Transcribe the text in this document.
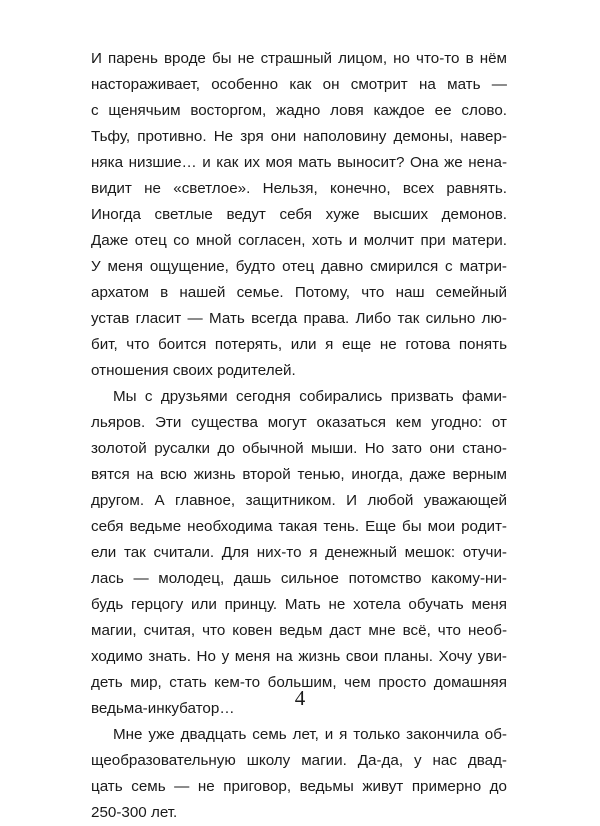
И парень вроде бы не страшный лицом, но что-то в нём
настораживает, особенно как он смотрит на мать —
с щенячьим восторгом, жадно ловя каждое ее слово.
Тьфу, противно. Не зря они наполовину демоны, навер-
няка низшие… и как их моя мать выносит? Она же нена-
видит не «светлое». Нельзя, конечно, всех равнять.
Иногда светлые ведут себя хуже высших демонов.
Даже отец со мной согласен, хоть и молчит при матери.
У меня ощущение, будто отец давно смирился с матри-
архатом в нашей семье. Потому, что наш семейный
устав гласит — Мать всегда права. Либо так сильно лю-
бит, что боится потерять, или я еще не готова понять
отношения своих родителей.
Мы с друзьями сегодня собирались призвать фами-
льяров. Эти существа могут оказаться кем угодно: от
золотой русалки до обычной мыши. Но зато они стано-
вятся на всю жизнь второй тенью, иногда, даже верным
другом. А главное, защитником. И любой уважающей
себя ведьме необходима такая тень. Еще бы мои родит-
ели так считали. Для них-то я денежный мешок: отучи-
лась — молодец, дашь сильное потомство какому-ни-
будь герцогу или принцу. Мать не хотела обучать меня
магии, считая, что ковен ведьм даст мне всё, что необ-
ходимо знать. Но у меня на жизнь свои планы. Хочу уви-
деть мир, стать кем-то большим, чем просто домашняя
ведьма-инкубатор…
Мне уже двадцать семь лет, и я только закончила об-
щеобразовательную школу магии. Да-да, у нас двад-
цать семь — не приговор, ведьмы живут примерно до
250-300 лет.
4
